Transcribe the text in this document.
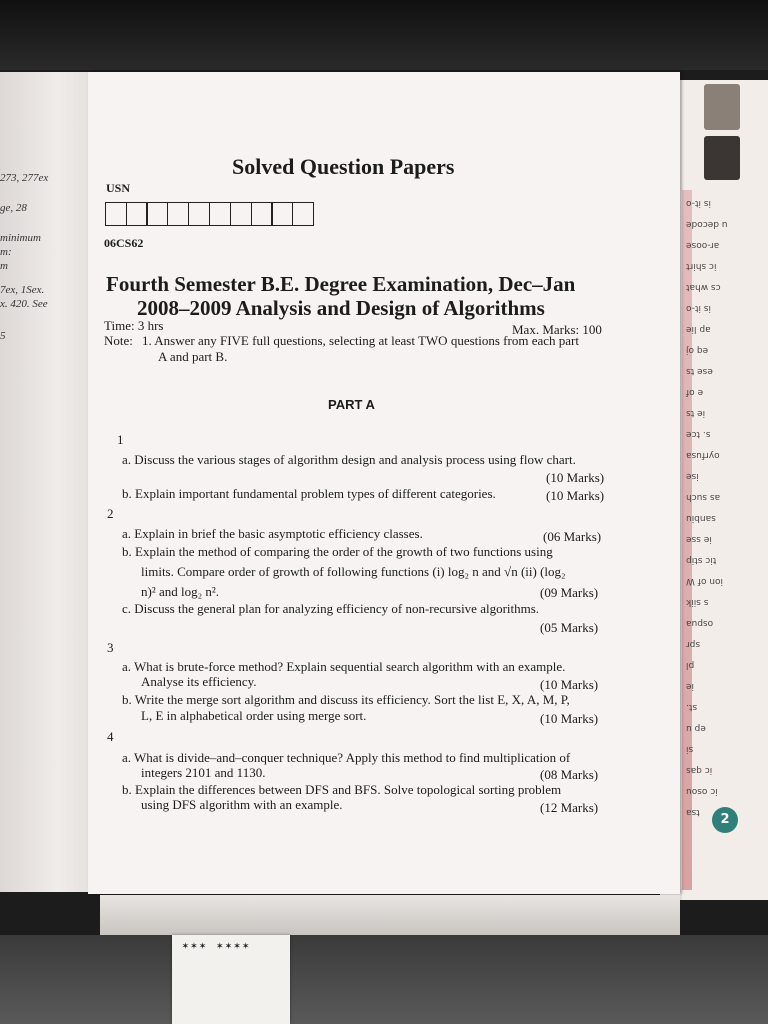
273, 277ex
ge, 28
minimum
m:
m
7ex, 1Sex.
x. 420. See
5
is it-o
u decode
ar-oose
ic shirt
cs what
is it-o
ap lie
eq oj
ese ts
e of
ie ts
s. tce
oyrfusa
ise
as such
sanbiu
ie sse
tic stip
ion of W
s siik
ospua
spr
pl
ie
st.
ep u
si
ic qas
ic osou
tsa	2
Solved Question Papers
USN
06CS62
Fourth Semester B.E. Degree Examination, Dec–Jan
2008–2009 Analysis and Design of Algorithms
Time: 3 hrs	Max. Marks: 100
Note: 1. Answer any FIVE full questions, selecting at least TWO questions from each part
A and part B.
PART A
1
a. Discuss the various stages of algorithm design and analysis process using flow chart.
(10 Marks)
b. Explain important fundamental problem types of different categories.	(10 Marks)
2
a. Explain in brief the basic asymptotic efficiency classes.	(06 Marks)
b. Explain the method of comparing the order of the growth of two functions using
limits. Compare order of growth of following functions (i) log₂ n and √n (ii) (log₂
n)² and log₂ n².	(09 Marks)
c. Discuss the general plan for analyzing efficiency of non-recursive algorithms.
(05 Marks)
3
a. What is brute-force method? Explain sequential search algorithm with an example.
Analyse its efficiency.	(10 Marks)
b. Write the merge sort algorithm and discuss its efficiency. Sort the list E, X, A, M, P,
L, E in alphabetical order using merge sort.	(10 Marks)
4
a. What is divide–and–conquer technique? Apply this method to find multiplication of
integers 2101 and 1130.	(08 Marks)
b. Explain the differences between DFS and BFS. Solve topological sorting problem
using DFS algorithm with an example.	(12 Marks)
✶✶✶ ✶✶✶✶
